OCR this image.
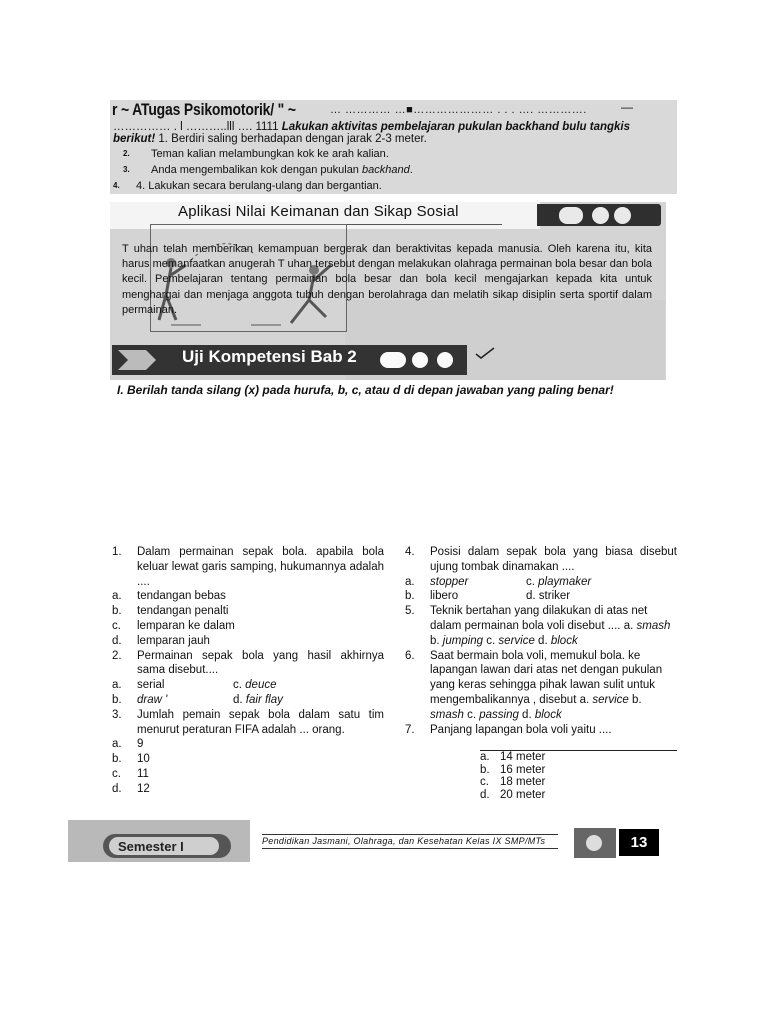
r ~ ATugas Psikomotorik/ " ~	… ………… …■………………… . . . …. ………….	—
…………… . l ………..lll …. 1111 Lakukan aktivitas pembelajaran pukulan backhand bulu tangkis
berikut! 1. Berdiri saling berhadapan dengan jarak 2-3 meter.
2. Teman kalian melambungkan kok ke arah kalian.
3. Anda mengembalikan kok dengan pukulan backhand.
4. 4. Lakukan secara berulang-ulang dan bergantian.
Aplikasi Nilai Keimanan dan Sikap Sosial
T uhan telah memberikan kemampuan bergerak dan beraktivitas kepada manusia. Oleh karena itu, kita harus memanfaatkan anugerah T uhan tersebut dengan melakukan olahraga permainan bola besar dan bola kecil. Pembelajaran tentang permainan bola besar dan bola kecil mengajarkan kepada kita untuk menghargai dan menjaga anggota tubuh dengan berolahraga dan melatih sikap disiplin serta sportif dalam permainan.
Uji Kompetensi Bab 2
I. Berilah tanda silang (x) pada hurufa, b, c, atau d di depan jawaban yang paling benar!
1. Dalam permainan sepak bola. apabila bola keluar lewat garis samping, hukumannya adalah ....
a. tendangan bebas
b. tendangan penalti
c. lemparan ke dalam
d. lemparan jauh
2. Permainan sepak bola yang hasil akhirnya sama disebut....
a. serial	c. deuce
b. draw '	d. fair flay
3. Jumlah pemain sepak bola dalam satu tim menurut peraturan FIFA adalah ... orang.
a. 9
b. 10
c. 11
d. 12
4. Posisi dalam sepak bola yang biasa disebut ujung tombak dinamakan ....
a. stopper	c. playmaker
b. libero	d. striker
5. Teknik bertahan yang dilakukan di atas net dalam permainan bola voli disebut .... a. smash b. jumping c. service d. block
6. Saat bermain bola voli, memukul bola. ke lapangan lawan dari atas net dengan pukulan yang keras sehingga pihak lawan sulit untuk mengembalikannya , disebut a. service b. smash c. passing d. block
7. Panjang lapangan bola voli yaitu ....
a. 14 meter
b. 16 meter
c. 18 meter
d. 20 meter
Semester I	Pendidikan Jasmani, Olahraga, dan Kesehatan Kelas IX SMP/MTs	13
